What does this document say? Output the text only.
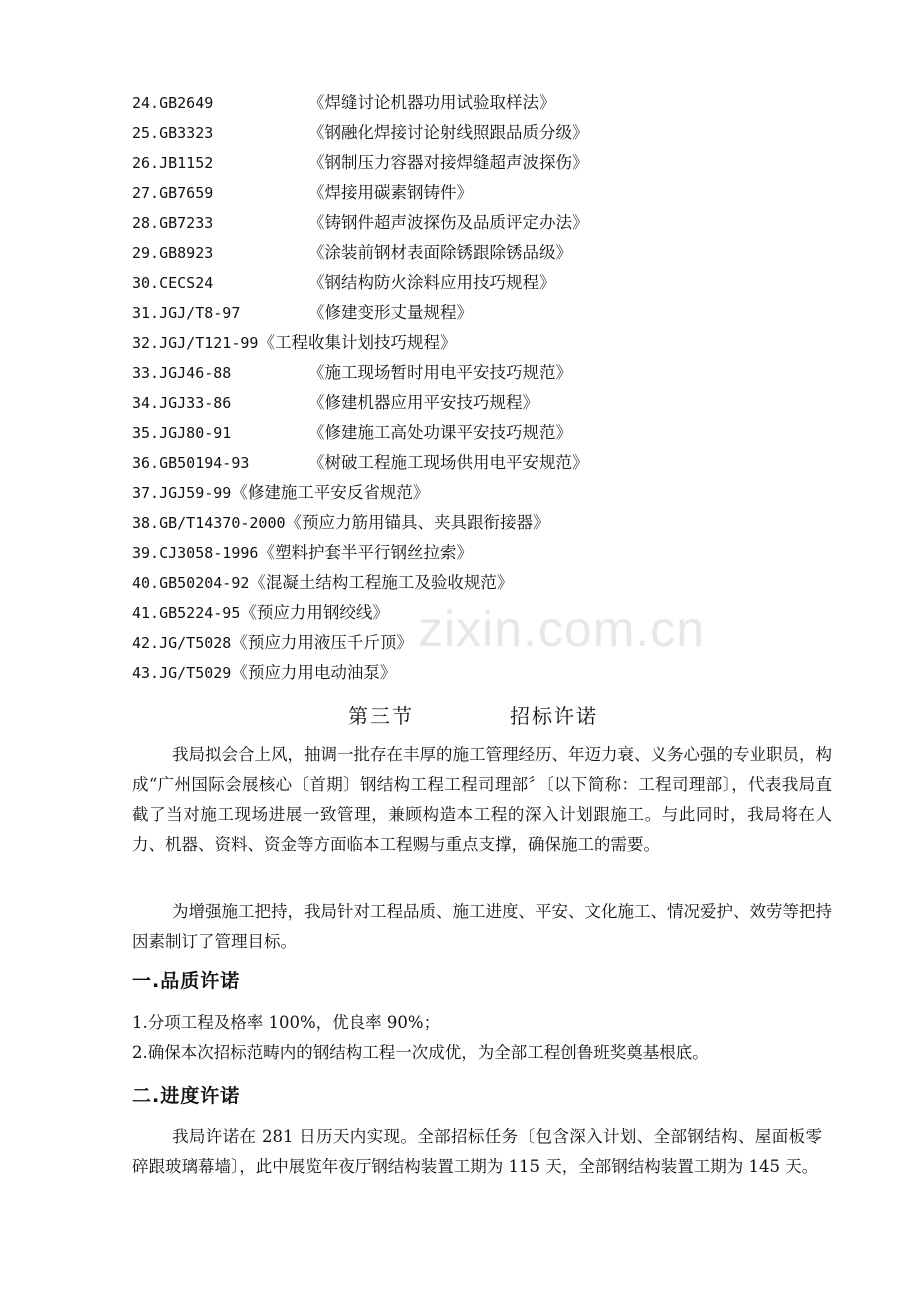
zixin.com.cn
24.GB2649	《焊缝讨论机器功用试验取样法》
25.GB3323	《钢融化焊接讨论射线照跟品质分级》
26.JB1152	《钢制压力容器对接焊缝超声波探伤》
27.GB7659	《焊接用碳素钢铸件》
28.GB7233	《铸钢件超声波探伤及品质评定办法》
29.GB8923	《涂装前钢材表面除锈跟除锈品级》
30.CECS24	《钢结构防火涂料应用技巧规程》
31.JGJ/T8-97	《修建变形丈量规程》
32.JGJ/T121-99《工程收集计划技巧规程》
33.JGJ46-88	《施工现场暂时用电平安技巧规范》
34.JGJ33-86	《修建机器应用平安技巧规程》
35.JGJ80-91	《修建施工高处功课平安技巧规范》
36.GB50194-93	《树破工程施工现场供用电平安规范》
37.JGJ59-99《修建施工平安反省规范》
38.GB/T14370-2000《预应力筋用锚具、夹具跟衔接器》
39.CJ3058-1996《塑料护套半平行钢丝拉索》
40.GB50204-92《混凝土结构工程施工及验收规范》
41.GB5224-95《预应力用钢绞线》
42.JG/T5028《预应力用液压千斤顶》
43.JG/T5029《预应力用电动油泵》
第三节	招标许诺

我局拟会合上风，抽调一批存在丰厚的施工管理经历、年迈力衰、义务心强的专业职员，构成“广州国际会展核心〔首期〕钢结构工程工程司理部〞〔以下简称：工程司理部〕，代表我局直截了当对施工现场进展一致管理，兼顾构造本工程的深入计划跟施工。与此同时，我局将在人力、机器、资料、资金等方面临本工程赐与重点支撑，确保施工的需要。

为增强施工把持，我局针对工程品质、施工进度、平安、文化施工、情况爱护、效劳等把持因素制订了管理目标。

一.品质许诺
1.分项工程及格率 100%，优良率 90%；
2.确保本次招标范畴内的钢结构工程一次成优，为全部工程创鲁班奖奠基根底。
二.进度许诺

我局许诺在 281 日历天内实现。全部招标任务〔包含深入计划、全部钢结构、屋面板零碎跟玻璃幕墙〕，此中展览年夜厅钢结构装置工期为 115 天，全部钢结构装置工期为 145 天。
